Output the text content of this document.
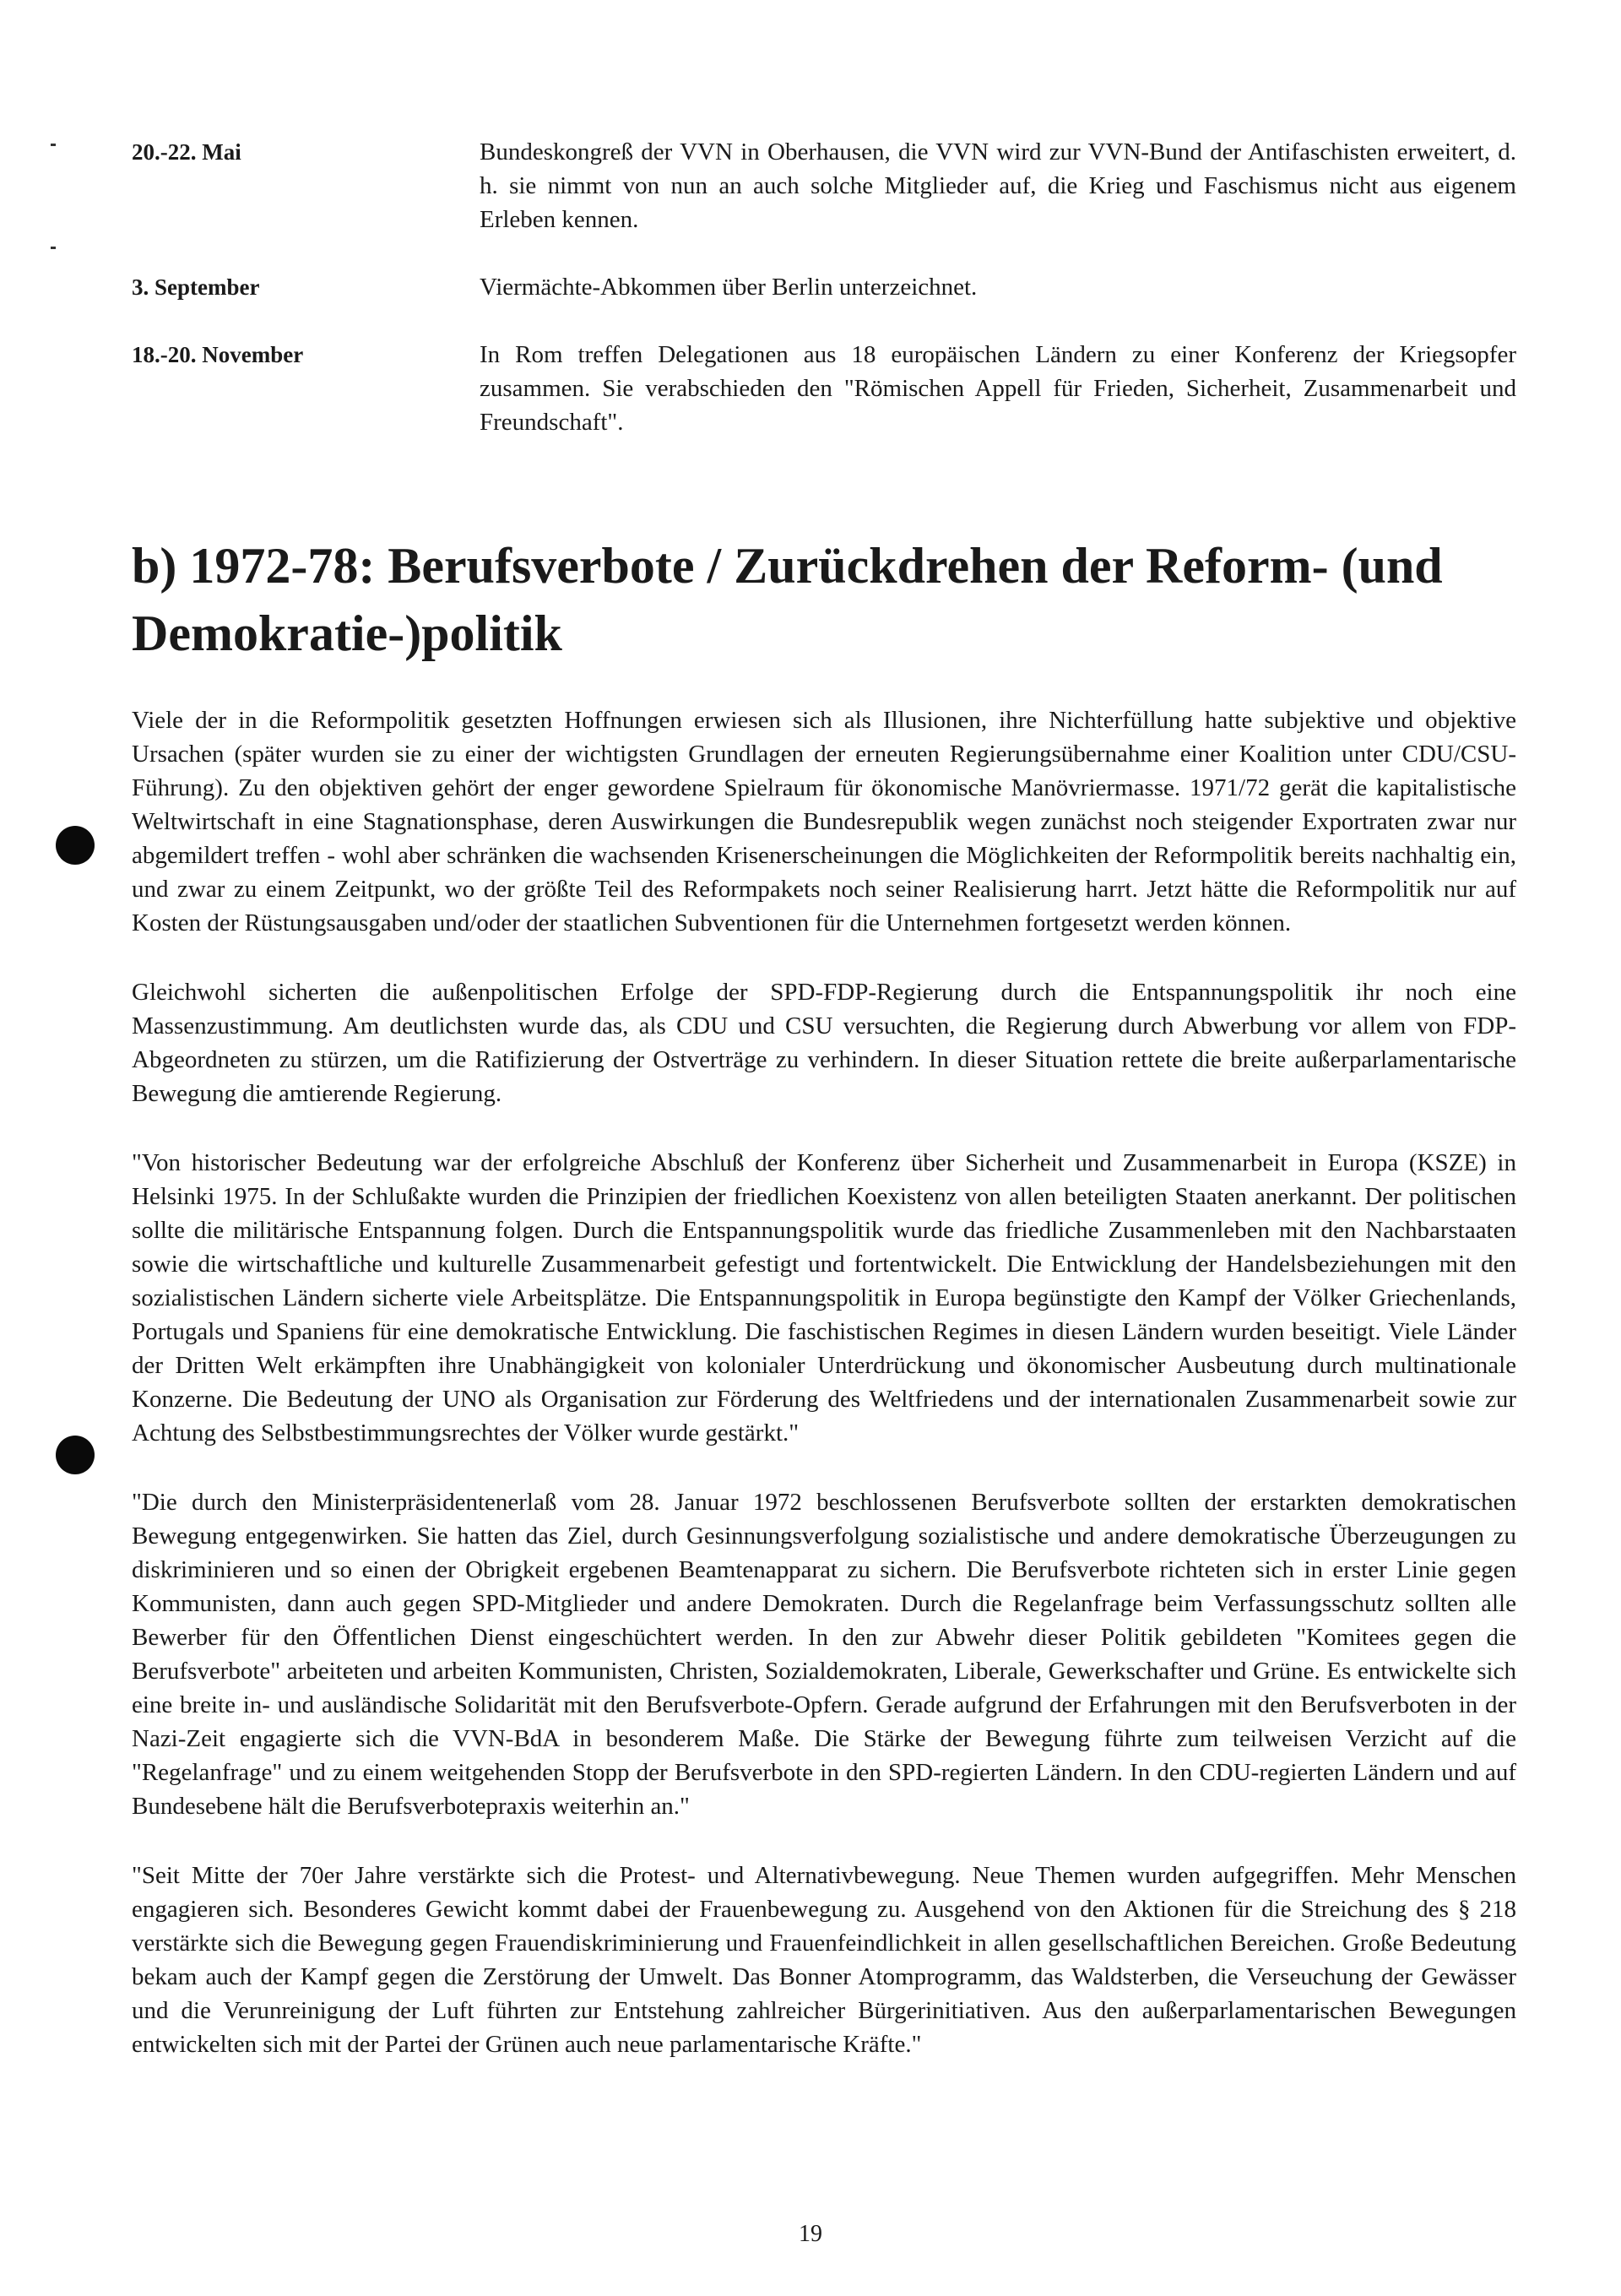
20.-22. Mai	Bundeskongreß der VVN in Oberhausen, die VVN wird zur VVN-Bund der Antifaschisten erweitert, d. h. sie nimmt von nun an auch solche Mitglieder auf, die Krieg und Faschismus nicht aus eigenem Erleben kennen.
3. September	Viermächte-Abkommen über Berlin unterzeichnet.
18.-20. November	In Rom treffen Delegationen aus 18 europäischen Ländern zu einer Konferenz der Kriegsopfer zusammen. Sie verabschieden den "Römischen Appell für Frieden, Sicherheit, Zusammenarbeit und Freundschaft".
b) 1972-78: Berufsverbote / Zurückdrehen der Reform- (und Demokratie-)politik

Viele der in die Reformpolitik gesetzten Hoffnungen erwiesen sich als Illusionen, ihre Nichterfüllung hatte subjektive und objektive Ursachen (später wurden sie zu einer der wichtigsten Grundlagen der erneuten Regierungsübernahme einer Koalition unter CDU/CSU-Führung). Zu den objektiven gehört der enger gewordene Spielraum für ökonomische Manövriermasse. 1971/72 gerät die kapitalistische Weltwirtschaft in eine Stagnationsphase, deren Auswirkungen die Bundesrepublik wegen zunächst noch steigender Exportraten zwar nur abgemildert treffen - wohl aber schränken die wachsenden Krisenerscheinungen die Möglichkeiten der Reformpolitik bereits nachhaltig ein, und zwar zu einem Zeitpunkt, wo der größte Teil des Reformpakets noch seiner Realisierung harrt. Jetzt hätte die Reformpolitik nur auf Kosten der Rüstungsausgaben und/oder der staatlichen Subventionen für die Unternehmen fortgesetzt werden können.

Gleichwohl sicherten die außenpolitischen Erfolge der SPD-FDP-Regierung durch die Entspannungspolitik ihr noch eine Massenzustimmung. Am deutlichsten wurde das, als CDU und CSU versuchten, die Regierung durch Abwerbung vor allem von FDP-Abgeordneten zu stürzen, um die Ratifizierung der Ostverträge zu verhindern. In dieser Situation rettete die breite außerparlamentarische Bewegung die amtierende Regierung.

"Von historischer Bedeutung war der erfolgreiche Abschluß der Konferenz über Sicherheit und Zusammenarbeit in Europa (KSZE) in Helsinki 1975. In der Schlußakte wurden die Prinzipien der friedlichen Koexistenz von allen beteiligten Staaten anerkannt. Der politischen sollte die militärische Entspannung folgen. Durch die Entspannungspolitik wurde das friedliche Zusammenleben mit den Nachbarstaaten sowie die wirtschaftliche und kulturelle Zusammenarbeit gefestigt und fortentwickelt. Die Entwicklung der Handelsbeziehungen mit den sozialistischen Ländern sicherte viele Arbeitsplätze. Die Entspannungspolitik in Europa begünstigte den Kampf der Völker Griechenlands, Portugals und Spaniens für eine demokratische Entwicklung. Die faschistischen Regimes in diesen Ländern wurden beseitigt. Viele Länder der Dritten Welt erkämpften ihre Unabhängigkeit von kolonialer Unterdrückung und ökonomischer Ausbeutung durch multinationale Konzerne. Die Bedeutung der UNO als Organisation zur Förderung des Weltfriedens und der internationalen Zusammenarbeit sowie zur Achtung des Selbstbestimmungsrechtes der Völker wurde gestärkt."

"Die durch den Ministerpräsidentenerlaß vom 28. Januar 1972 beschlossenen Berufsverbote sollten der erstarkten demokratischen Bewegung entgegenwirken. Sie hatten das Ziel, durch Gesinnungsverfolgung sozialistische und andere demokratische Überzeugungen zu diskriminieren und so einen der Obrigkeit ergebenen Beamtenapparat zu sichern. Die Berufsverbote richteten sich in erster Linie gegen Kommunisten, dann auch gegen SPD-Mitglieder und andere Demokraten. Durch die Regelanfrage beim Verfassungsschutz sollten alle Bewerber für den Öffentlichen Dienst eingeschüchtert werden. In den zur Abwehr dieser Politik gebildeten "Komitees gegen die Berufsverbote" arbeiteten und arbeiten Kommunisten, Christen, Sozialdemokraten, Liberale, Gewerkschafter und Grüne. Es entwickelte sich eine breite in- und ausländische Solidarität mit den Berufsverbote-Opfern. Gerade aufgrund der Erfahrungen mit den Berufsverboten in der Nazi-Zeit engagierte sich die VVN-BdA in besonderem Maße. Die Stärke der Bewegung führte zum teilweisen Verzicht auf die "Regelanfrage" und zu einem weitgehenden Stopp der Berufsverbote in den SPD-regierten Ländern. In den CDU-regierten Ländern und auf Bundesebene hält die Berufsverbotepraxis weiterhin an."

"Seit Mitte der 70er Jahre verstärkte sich die Protest- und Alternativbewegung. Neue Themen wurden aufgegriffen. Mehr Menschen engagieren sich. Besonderes Gewicht kommt dabei der Frauenbewegung zu. Ausgehend von den Aktionen für die Streichung des § 218 verstärkte sich die Bewegung gegen Frauendiskriminierung und Frauenfeindlichkeit in allen gesellschaftlichen Bereichen. Große Bedeutung bekam auch der Kampf gegen die Zerstörung der Umwelt. Das Bonner Atomprogramm, das Waldsterben, die Verseuchung der Gewässer und die Verunreinigung der Luft führten zur Entstehung zahlreicher Bürgerinitiativen. Aus den außerparlamentarischen Bewegungen entwickelten sich mit der Partei der Grünen auch neue parlamentarische Kräfte."

19
